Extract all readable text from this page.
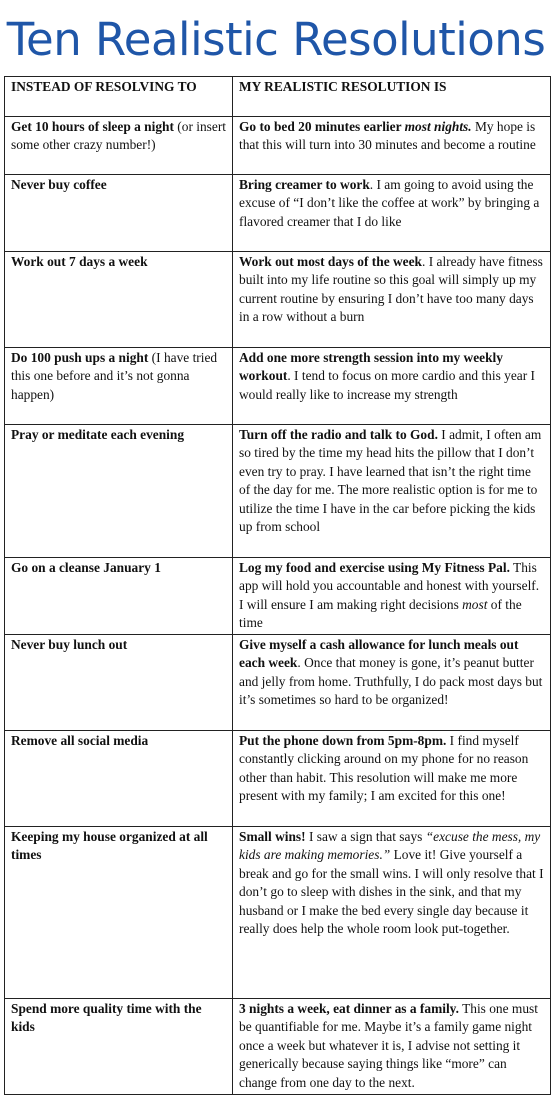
Ten Realistic Resolutions
INSTEAD OF RESOLVING TO	MY REALISTIC RESOLUTION IS
Get 10 hours of sleep a night (or insert some other crazy number!)	Go to bed 20 minutes earlier most nights. My hope is that this will turn into 30 minutes and become a routine
Never buy coffee	Bring creamer to work. I am going to avoid using the excuse of “I don’t like the coffee at work” by bringing a flavored creamer that I do like
Work out 7 days a week	Work out most days of the week. I already have fitness built into my life routine so this goal will simply up my current routine by ensuring I don’t have too many days in a row without a burn
Do 100 push ups a night (I have tried this one before and it’s not gonna happen)	Add one more strength session into my weekly workout. I tend to focus on more cardio and this year I would really like to increase my strength
Pray or meditate each evening	Turn off the radio and talk to God. I admit, I often am so tired by the time my head hits the pillow that I don’t even try to pray. I have learned that isn’t the right time of the day for me. The more realistic option is for me to utilize the time I have in the car before picking the kids up from school
Go on a cleanse January 1	Log my food and exercise using My Fitness Pal. This app will hold you accountable and honest with yourself. I will ensure I am making right decisions most of the time
Never buy lunch out	Give myself a cash allowance for lunch meals out each week. Once that money is gone, it’s peanut butter and jelly from home. Truthfully, I do pack most days but it’s sometimes so hard to be organized!
Remove all social media	Put the phone down from 5pm-8pm. I find myself constantly clicking around on my phone for no reason other than habit. This resolution will make me more present with my family; I am excited for this one!
Keeping my house organized at all times	Small wins! I saw a sign that says “excuse the mess, my kids are making memories.” Love it! Give yourself a break and go for the small wins. I will only resolve that I don’t go to sleep with dishes in the sink, and that my husband or I make the bed every single day because it really does help the whole room look put-together.
Spend more quality time with the kids	3 nights a week, eat dinner as a family. This one must be quantifiable for me. Maybe it’s a family game night once a week but whatever it is, I advise not setting it generically because saying things like “more” can change from one day to the next.
